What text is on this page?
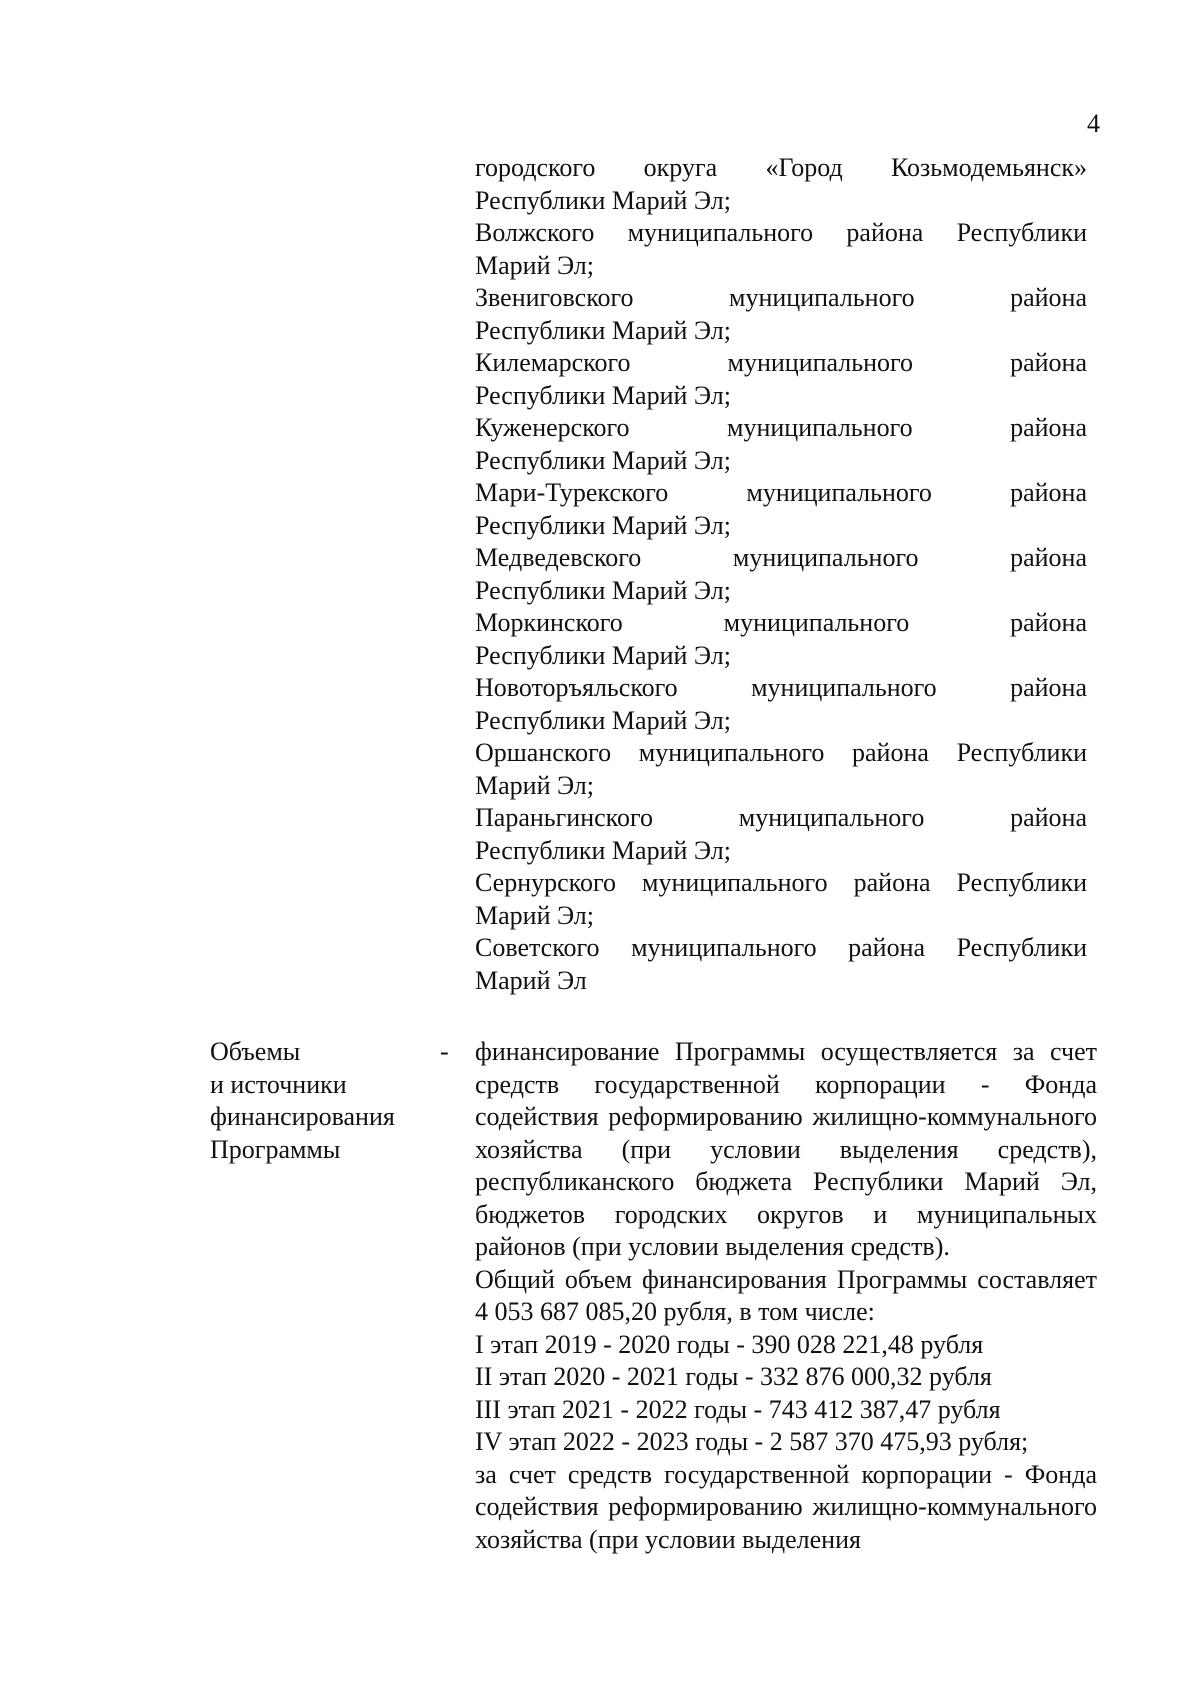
4
городского округа «Город Козьмодемьянск»
Республики Марий Эл;
Волжского муниципального района Республики
Марий Эл;
Звениговского муниципального района
Республики Марий Эл;
Килемарского муниципального района
Республики Марий Эл;
Куженерского муниципального района
Республики Марий Эл;
Мари-Турекского муниципального района
Республики Марий Эл;
Медведевского муниципального района
Республики Марий Эл;
Моркинского муниципального района
Республики Марий Эл;
Новоторъяльского муниципального района
Республики Марий Эл;
Оршанского муниципального района Республики
Марий Эл;
Параньгинского муниципального района
Республики Марий Эл;
Сернурского муниципального района Республики
Марий Эл;
Советского муниципального района Республики
Марий Эл
Объемы
и источники
финансирования
Программы
- финансирование Программы осуществляется за счет средств государственной корпорации - Фонда содействия реформированию жилищно-коммунального хозяйства (при условии выделения средств), республиканского бюджета Республики Марий Эл, бюджетов городских округов и муниципальных районов (при условии выделения средств).
Общий объем финансирования Программы составляет 4 053 687 085,20 рубля, в том числе:
I этап 2019 - 2020 годы - 390 028 221,48 рубля
II этап 2020 - 2021 годы - 332 876 000,32 рубля
III этап 2021 - 2022 годы - 743 412 387,47 рубля
IV этап 2022 - 2023 годы - 2 587 370 475,93 рубля;
за счет средств государственной корпорации - Фонда содействия реформированию жилищно-коммунального хозяйства (при условии выделения
